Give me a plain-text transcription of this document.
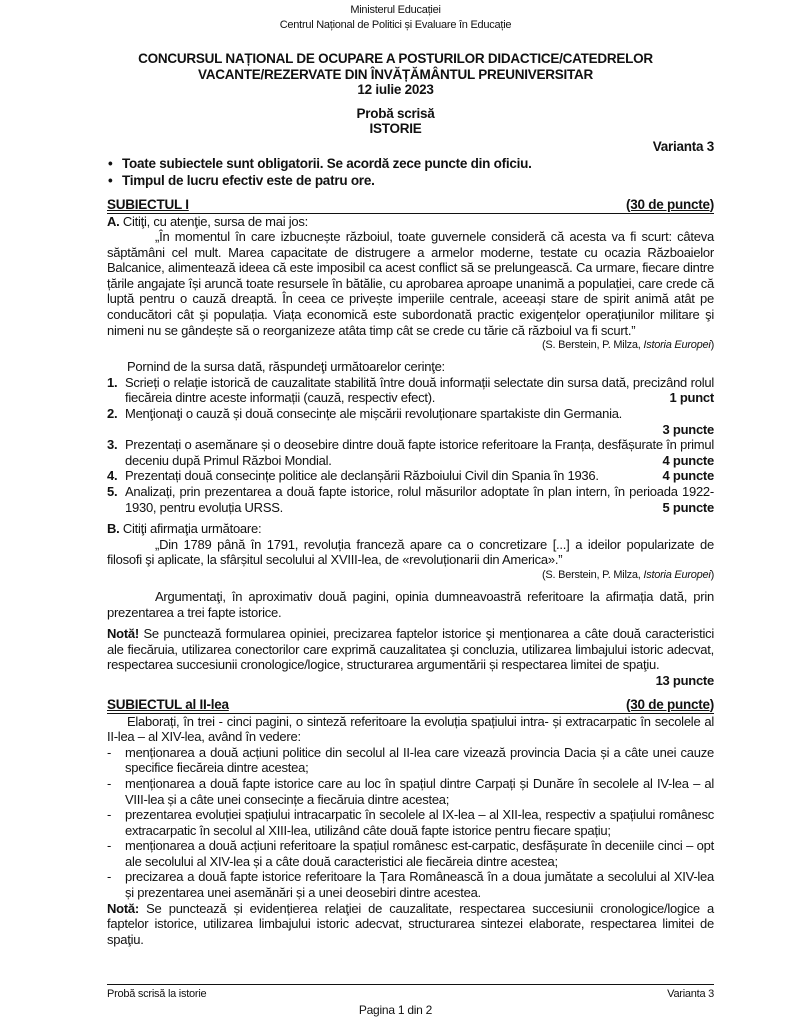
Ministerul Educației
Centrul Național de Politici și Evaluare în Educație
CONCURSUL NAȚIONAL DE OCUPARE A POSTURILOR DIDACTICE/CATEDRELOR
VACANTE/REZERVATE DIN ÎNVĂȚĂMÂNTUL PREUNIVERSITAR
12 iulie 2023
Probă scrisă
ISTORIE
Varianta 3
• Toate subiectele sunt obligatorii. Se acordă zece puncte din oficiu.
• Timpul de lucru efectiv este de patru ore.
SUBIECTUL I	(30 de puncte)

A. Citiţi, cu atenţie, sursa de mai jos:

„În momentul în care izbucnește războiul, toate guvernele consideră că acesta va fi scurt: câteva săptămâni cel mult. Marea capacitate de distrugere a armelor moderne, testate cu ocazia Războaielor Balcanice, alimentează ideea că este imposibil ca acest conflict să se prelungească. Ca urmare, fiecare dintre țările angajate își aruncă toate resursele în bătălie, cu aprobarea aproape unanimă a populației, care crede că luptă pentru o cauză dreaptă. În ceea ce privește imperiile centrale, aceeași stare de spirit animă atât pe conducători cât şi populația. Viața economică este subordonată practic exigențelor operațiunilor militare şi nimeni nu se gândește să o reorganizeze atâta timp cât se crede cu tărie că războiul va fi scurt.”

(S. Berstein, P. Milza, Istoria Europei)

Pornind de la sursa dată, răspundeţi următoarelor cerinţe:

1. Scrieți o relație istorică de cauzalitate stabilită între două informații selectate din sursa dată, precizând rolul fiecăreia dintre aceste informații (cauză, respectiv efect).	1 punct
2. Menţionaţi o cauză și două consecințe ale mișcării revoluționare spartakiste din Germania.
3 puncte
3. Prezentați o asemănare și o deosebire dintre două fapte istorice referitoare la Franța, desfășurate în primul deceniu după Primul Război Mondial.	4 puncte
4. Prezentați două consecințe politice ale declanșării Războiului Civil din Spania în 1936.	4 puncte
5. Analizați, prin prezentarea a două fapte istorice, rolul măsurilor adoptate în plan intern, în perioada 1922-1930, pentru evoluția URSS.	5 puncte

B. Citiţi afirmaţia următoare:

„Din 1789 până în 1791, revoluția franceză apare ca o concretizare [...] a ideilor popularizate de filosofi şi aplicate, la sfârșitul secolului al XVIII-lea, de «revoluționarii din America».”

(S. Berstein, P. Milza, Istoria Europei)

Argumentaţi, în aproximativ două pagini, opinia dumneavoastră referitoare la afirmația dată, prin prezentarea a trei fapte istorice.

Notă! Se punctează formularea opiniei, precizarea faptelor istorice şi menționarea a câte două caracteristici ale fiecăruia, utilizarea conectorilor care exprimă cauzalitatea şi concluzia, utilizarea limbajului istoric adecvat, respectarea succesiunii cronologice/logice, structurarea argumentării și respectarea limitei de spaţiu.
13 puncte

SUBIECTUL al II-lea	(30 de puncte)

Elaborați, în trei - cinci pagini, o sinteză referitoare la evoluția spațiului intra- și extracarpatic în secolele al II-lea – al XIV-lea, având în vedere:

-	menționarea a două acțiuni politice din secolul al II-lea care vizează provincia Dacia și a câte unei cauze specifice fiecăreia dintre acestea;
-	menționarea a două fapte istorice care au loc în spațiul dintre Carpați și Dunăre în secolele al IV-lea – al VIII-lea și a câte unei consecințe a fiecăruia dintre acestea;
-	prezentarea evoluției spațiului intracarpatic în secolele al IX-lea – al XII-lea, respectiv a spațiului românesc extracarpatic în secolul al XIII-lea, utilizând câte două fapte istorice pentru fiecare spațiu;
-	menționarea a două acțiuni referitoare la spațiul românesc est-carpatic, desfășurate în deceniile cinci – opt ale secolului al XIV-lea și a câte două caracteristici ale fiecăreia dintre acestea;
-	precizarea a două fapte istorice referitoare la Țara Românească în a doua jumătate a secolului al XIV-lea și prezentarea unei asemănări și a unei deosebiri dintre acestea.

Notă: Se punctează și evidențierea relaţiei de cauzalitate, respectarea succesiunii cronologice/logice a faptelor istorice, utilizarea limbajului istoric adecvat, structurarea sintezei elaborate, respectarea limitei de spaţiu.

Probă scrisă la istorie	Varianta 3
Pagina 1 din 2
